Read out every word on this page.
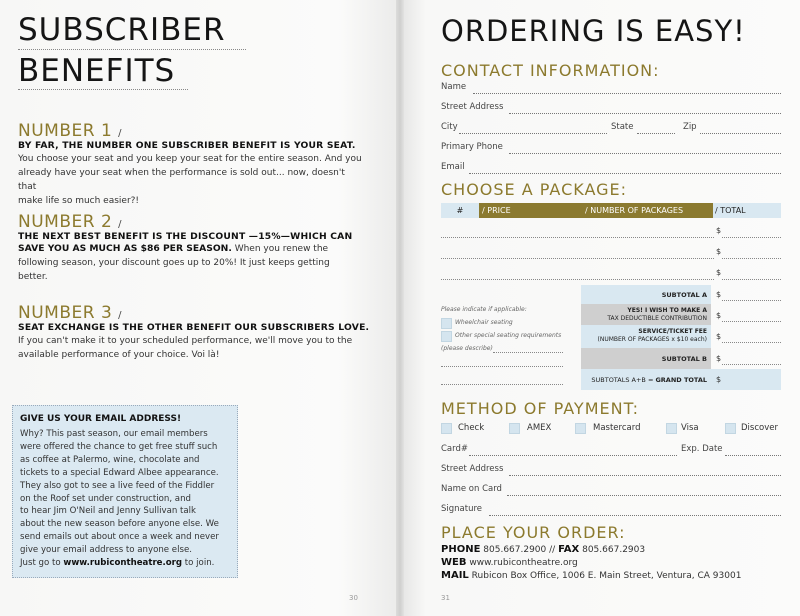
SUBSCRIBER
BENEFITS
NUMBER 1 /
BY FAR, THE NUMBER ONE SUBSCRIBER BENEFIT IS YOUR SEAT.
You choose your seat and you keep your seat for the entire season. And you
already have your seat when the performance is sold out... now, doesn't that
make life so much easier?!
NUMBER 2 /
THE NEXT BEST BENEFIT IS THE DISCOUNT —15%—WHICH CAN
SAVE YOU AS MUCH AS $86 PER SEASON. When you renew the
following season, your discount goes up to 20%! It just keeps getting
better.
NUMBER 3 /
SEAT EXCHANGE IS THE OTHER BENEFIT OUR SUBSCRIBERS LOVE.
If you can't make it to your scheduled performance, we'll move you to the
available performance of your choice. Voi là!
GIVE US YOUR EMAIL ADDRESS!
Why? This past season, our email members
were offered the chance to get free stuff such
as coffee at Palermo, wine, chocolate and
tickets to a special Edward Albee appearance.
They also got to see a live feed of the Fiddler
on the Roof set under construction, and
to hear Jim O'Neil and Jenny Sullivan talk
about the new season before anyone else. We
send emails out about once a week and never
give your email address to anyone else.
Just go to www.rubicontheatre.org to join.
30
ORDERING IS EASY!
CONTACT INFORMATION:
Name
Street Address
City	State	Zip
Primary Phone
Email
CHOOSE A PACKAGE:
#	/ PRICE	/ NUMBER OF PACKAGES	/ TOTAL
$
$
$
Please indicate if applicable:
Wheelchair seating
Other special seating requirements
(please describe)
SUBTOTAL A $
YES! I WISH TO MAKE A
TAX DEDUCTIBLE CONTRIBUTION $
SERVICE/TICKET FEE
(NUMBER OF PACKAGES x $10 each) $
SUBTOTAL B $
SUBTOTALS A+B = GRAND TOTAL $
METHOD OF PAYMENT:
Check	AMEX	Mastercard	Visa	Discover
Card#	Exp. Date
Street Address
Name on Card
Signature
PLACE YOUR ORDER:
PHONE 805.667.2900 // FAX 805.667.2903
WEB www.rubicontheatre.org
MAIL Rubicon Box Office, 1006 E. Main Street, Ventura, CA 93001
31
